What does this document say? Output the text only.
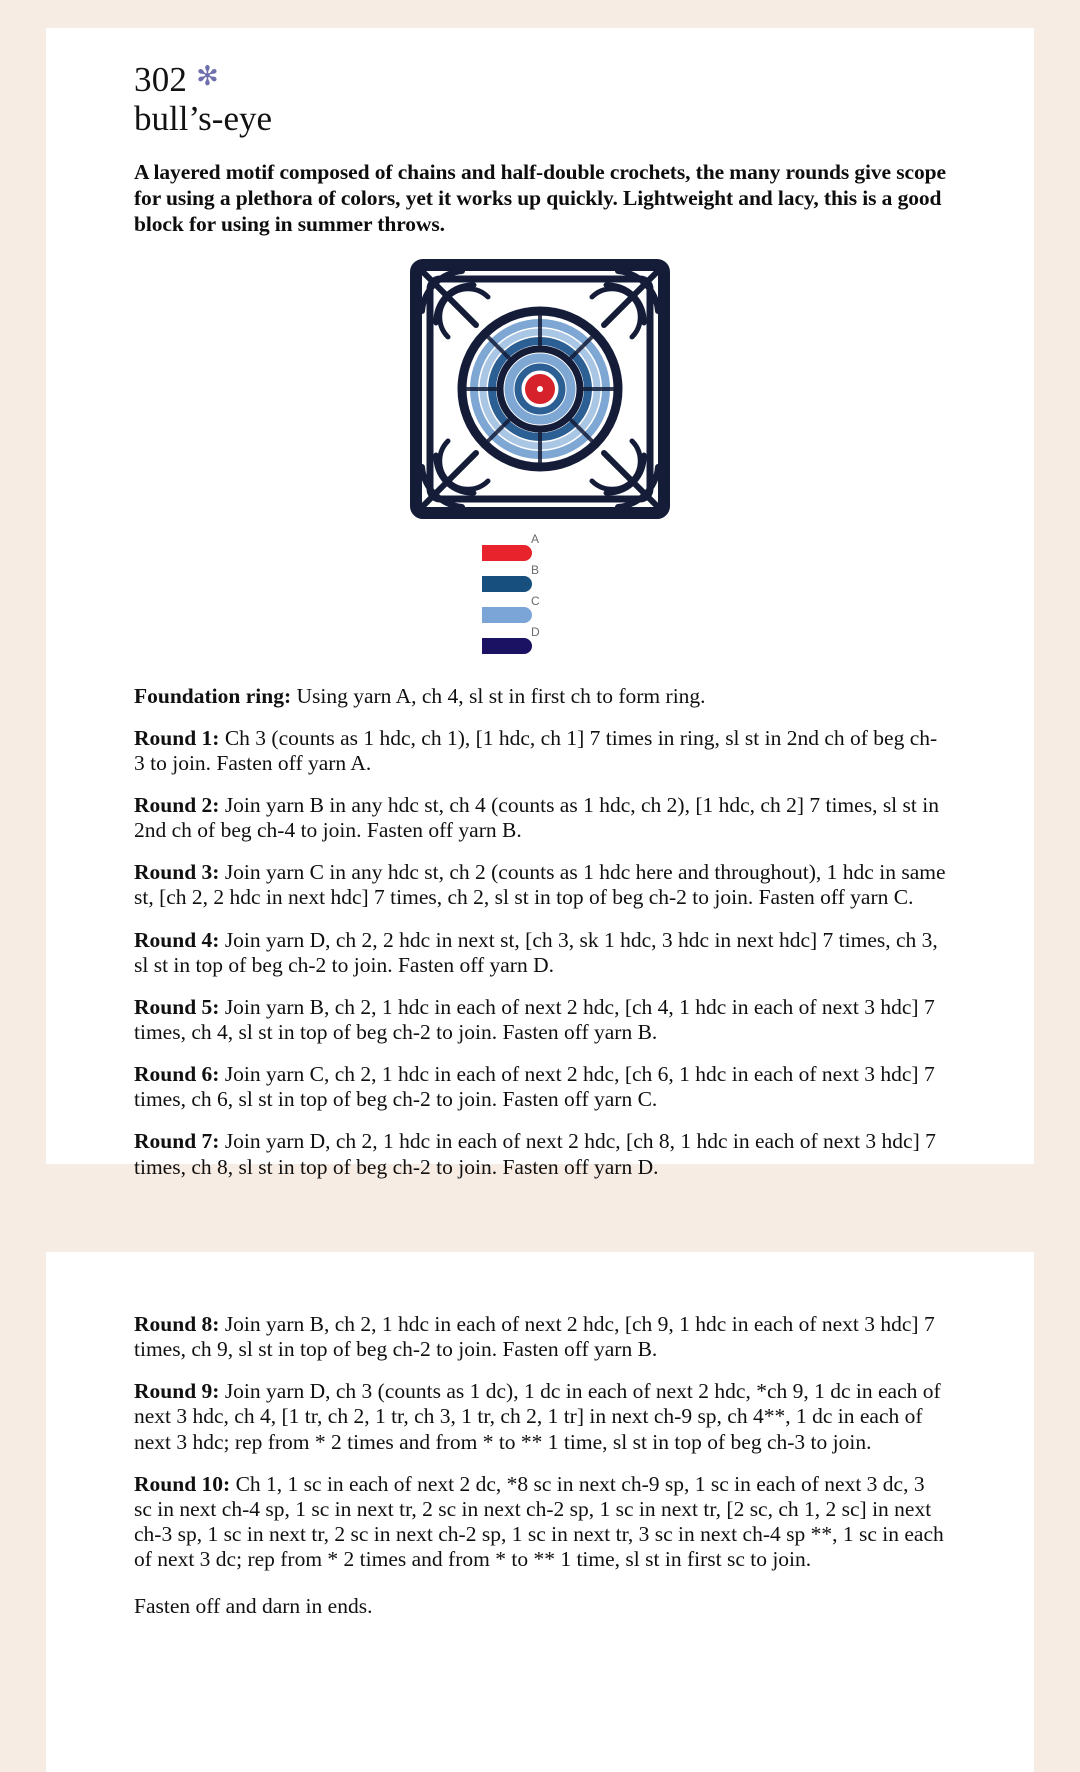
302 ✻
bull’s-eye

A layered motif composed of chains and half-double crochets, the many rounds give scope for using a plethora of colors, yet it works up quickly. Lightweight and lacy, this is a good block for using in summer throws.

A
B
C
D

Foundation ring: Using yarn A, ch 4, sl st in first ch to form ring.

Round 1: Ch 3 (counts as 1 hdc, ch 1), [1 hdc, ch 1] 7 times in ring, sl st in 2nd ch of beg ch-3 to join. Fasten off yarn A.

Round 2: Join yarn B in any hdc st, ch 4 (counts as 1 hdc, ch 2), [1 hdc, ch 2] 7 times, sl st in 2nd ch of beg ch-4 to join. Fasten off yarn B.

Round 3: Join yarn C in any hdc st, ch 2 (counts as 1 hdc here and throughout), 1 hdc in same st, [ch 2, 2 hdc in next hdc] 7 times, ch 2, sl st in top of beg ch-2 to join. Fasten off yarn C.

Round 4: Join yarn D, ch 2, 2 hdc in next st, [ch 3, sk 1 hdc, 3 hdc in next hdc] 7 times, ch 3, sl st in top of beg ch-2 to join. Fasten off yarn D.

Round 5: Join yarn B, ch 2, 1 hdc in each of next 2 hdc, [ch 4, 1 hdc in each of next 3 hdc] 7 times, ch 4, sl st in top of beg ch-2 to join. Fasten off yarn B.

Round 6: Join yarn C, ch 2, 1 hdc in each of next 2 hdc, [ch 6, 1 hdc in each of next 3 hdc] 7 times, ch 6, sl st in top of beg ch-2 to join. Fasten off yarn C.

Round 7: Join yarn D, ch 2, 1 hdc in each of next 2 hdc, [ch 8, 1 hdc in each of next 3 hdc] 7 times, ch 8, sl st in top of beg ch-2 to join. Fasten off yarn D.

Round 8: Join yarn B, ch 2, 1 hdc in each of next 2 hdc, [ch 9, 1 hdc in each of next 3 hdc] 7 times, ch 9, sl st in top of beg ch-2 to join. Fasten off yarn B.

Round 9: Join yarn D, ch 3 (counts as 1 dc), 1 dc in each of next 2 hdc, *ch 9, 1 dc in each of next 3 hdc, ch 4, [1 tr, ch 2, 1 tr, ch 3, 1 tr, ch 2, 1 tr] in next ch-9 sp, ch 4**, 1 dc in each of next 3 hdc; rep from * 2 times and from * to ** 1 time, sl st in top of beg ch-3 to join.

Round 10: Ch 1, 1 sc in each of next 2 dc, *8 sc in next ch-9 sp, 1 sc in each of next 3 dc, 3 sc in next ch-4 sp, 1 sc in next tr, 2 sc in next ch-2 sp, 1 sc in next tr, [2 sc, ch 1, 2 sc] in next ch-3 sp, 1 sc in next tr, 2 sc in next ch-2 sp, 1 sc in next tr, 3 sc in next ch-4 sp **, 1 sc in each of next 3 dc; rep from * 2 times and from * to ** 1 time, sl st in first sc to join.

Fasten off and darn in ends.
